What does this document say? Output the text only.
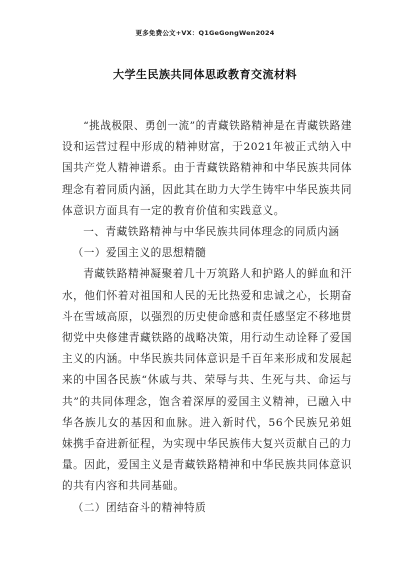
更多免费公文+VX：Q1GeGongWen2024
大学生民族共同体思政教育交流材料

“挑战极限、勇创一流”的青藏铁路精神是在青藏铁路建设和运营过程中形成的精神财富，于2021年被正式纳入中国共产党人精神谱系。由于青藏铁路精神和中华民族共同体理念有着同质内涵，因此其在助力大学生铸牢中华民族共同体意识方面具有一定的教育价值和实践意义。

一、青藏铁路精神与中华民族共同体理念的同质内涵

（一）爱国主义的思想精髓

青藏铁路精神凝聚着几十万筑路人和护路人的鲜血和汗水，他们怀着对祖国和人民的无比热爱和忠诚之心，长期奋斗在雪域高原，以强烈的历史使命感和责任感坚定不移地贯彻党中央修建青藏铁路的战略决策，用行动生动诠释了爱国主义的内涵。中华民族共同体意识是千百年来形成和发展起来的中国各民族“休戚与共、荣辱与共、生死与共、命运与共”的共同体理念，饱含着深厚的爱国主义精神，已融入中华各族儿女的基因和血脉。进入新时代，56个民族兄弟姐妹携手奋进新征程，为实现中华民族伟大复兴贡献自己的力量。因此，爱国主义是青藏铁路精神和中华民族共同体意识的共有内容和共同基础。

（二）团结奋斗的精神特质
